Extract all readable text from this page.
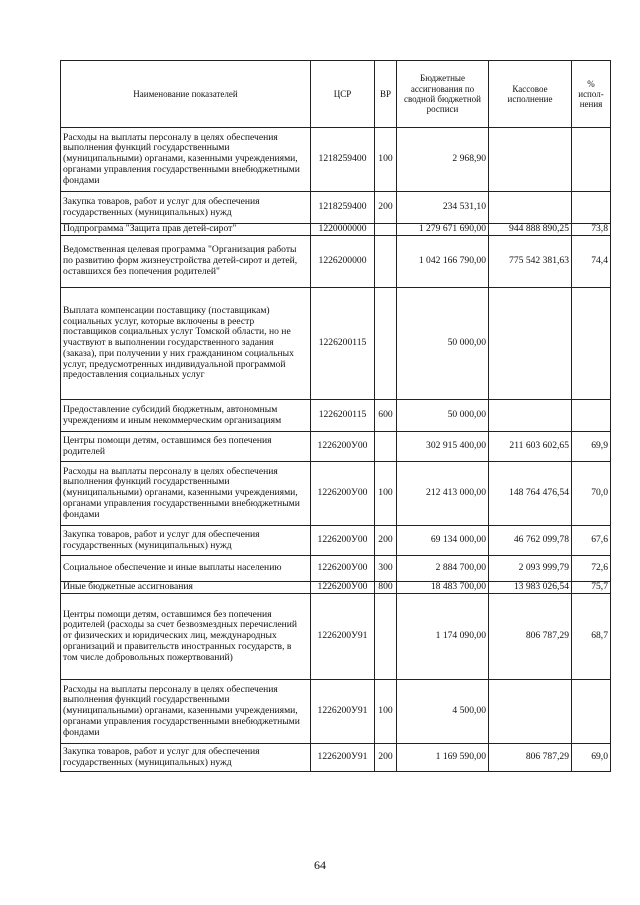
Наименование показателей	ЦСР	ВР	Бюджетные ассигнования по сводной бюджетной росписи	Кассовое исполнение	% испол-нения
Расходы на выплаты персоналу в целях обеспечения выполнения функций государственными (муниципальными) органами, казенными учреждениями, органами управления государственными внебюджетными фондами	1218259400	100	2 968,90		
Закупка товаров, работ и услуг для обеспечения государственных (муниципальных) нужд	1218259400	200	234 531,10		
Подпрограмма "Защита прав детей-сирот"	1220000000		1 279 671 690,00	944 888 890,25	73,8
Ведомственная целевая программа "Организация работы по развитию форм жизнеустройства детей-сирот и детей, оставшихся без попечения родителей"	1226200000		1 042 166 790,00	775 542 381,63	74,4
Выплата компенсации поставщику (поставщикам) социальных услуг, которые включены в реестр поставщиков социальных услуг Томской области, но не участвуют в выполнении государственного задания (заказа), при получении у них гражданином социальных услуг, предусмотренных индивидуальной программой предоставления социальных услуг	1226200115		50 000,00		
Предоставление субсидий бюджетным, автономным учреждениям и иным некоммерческим организациям	1226200115	600	50 000,00		
Центры помощи детям, оставшимся без попечения родителей	1226200У00		302 915 400,00	211 603 602,65	69,9
Расходы на выплаты персоналу в целях обеспечения выполнения функций государственными (муниципальными) органами, казенными учреждениями, органами управления государственными внебюджетными фондами	1226200У00	100	212 413 000,00	148 764 476,54	70,0
Закупка товаров, работ и услуг для обеспечения государственных (муниципальных) нужд	1226200У00	200	69 134 000,00	46 762 099,78	67,6
Социальное обеспечение и иные выплаты населению	1226200У00	300	2 884 700,00	2 093 999,79	72,6
Иные бюджетные ассигнования	1226200У00	800	18 483 700,00	13 983 026,54	75,7
Центры помощи детям, оставшимся без попечения родителей (расходы за счет безвозмездных перечислений от физических и юридических лиц, международных организаций и правительств иностранных государств, в том числе добровольных пожертвований)	1226200У91		1 174 090,00	806 787,29	68,7
Расходы на выплаты персоналу в целях обеспечения выполнения функций государственными (муниципальными) органами, казенными учреждениями, органами управления государственными внебюджетными фондами	1226200У91	100	4 500,00		
Закупка товаров, работ и услуг для обеспечения государственных (муниципальных) нужд	1226200У91	200	1 169 590,00	806 787,29	69,0
64
